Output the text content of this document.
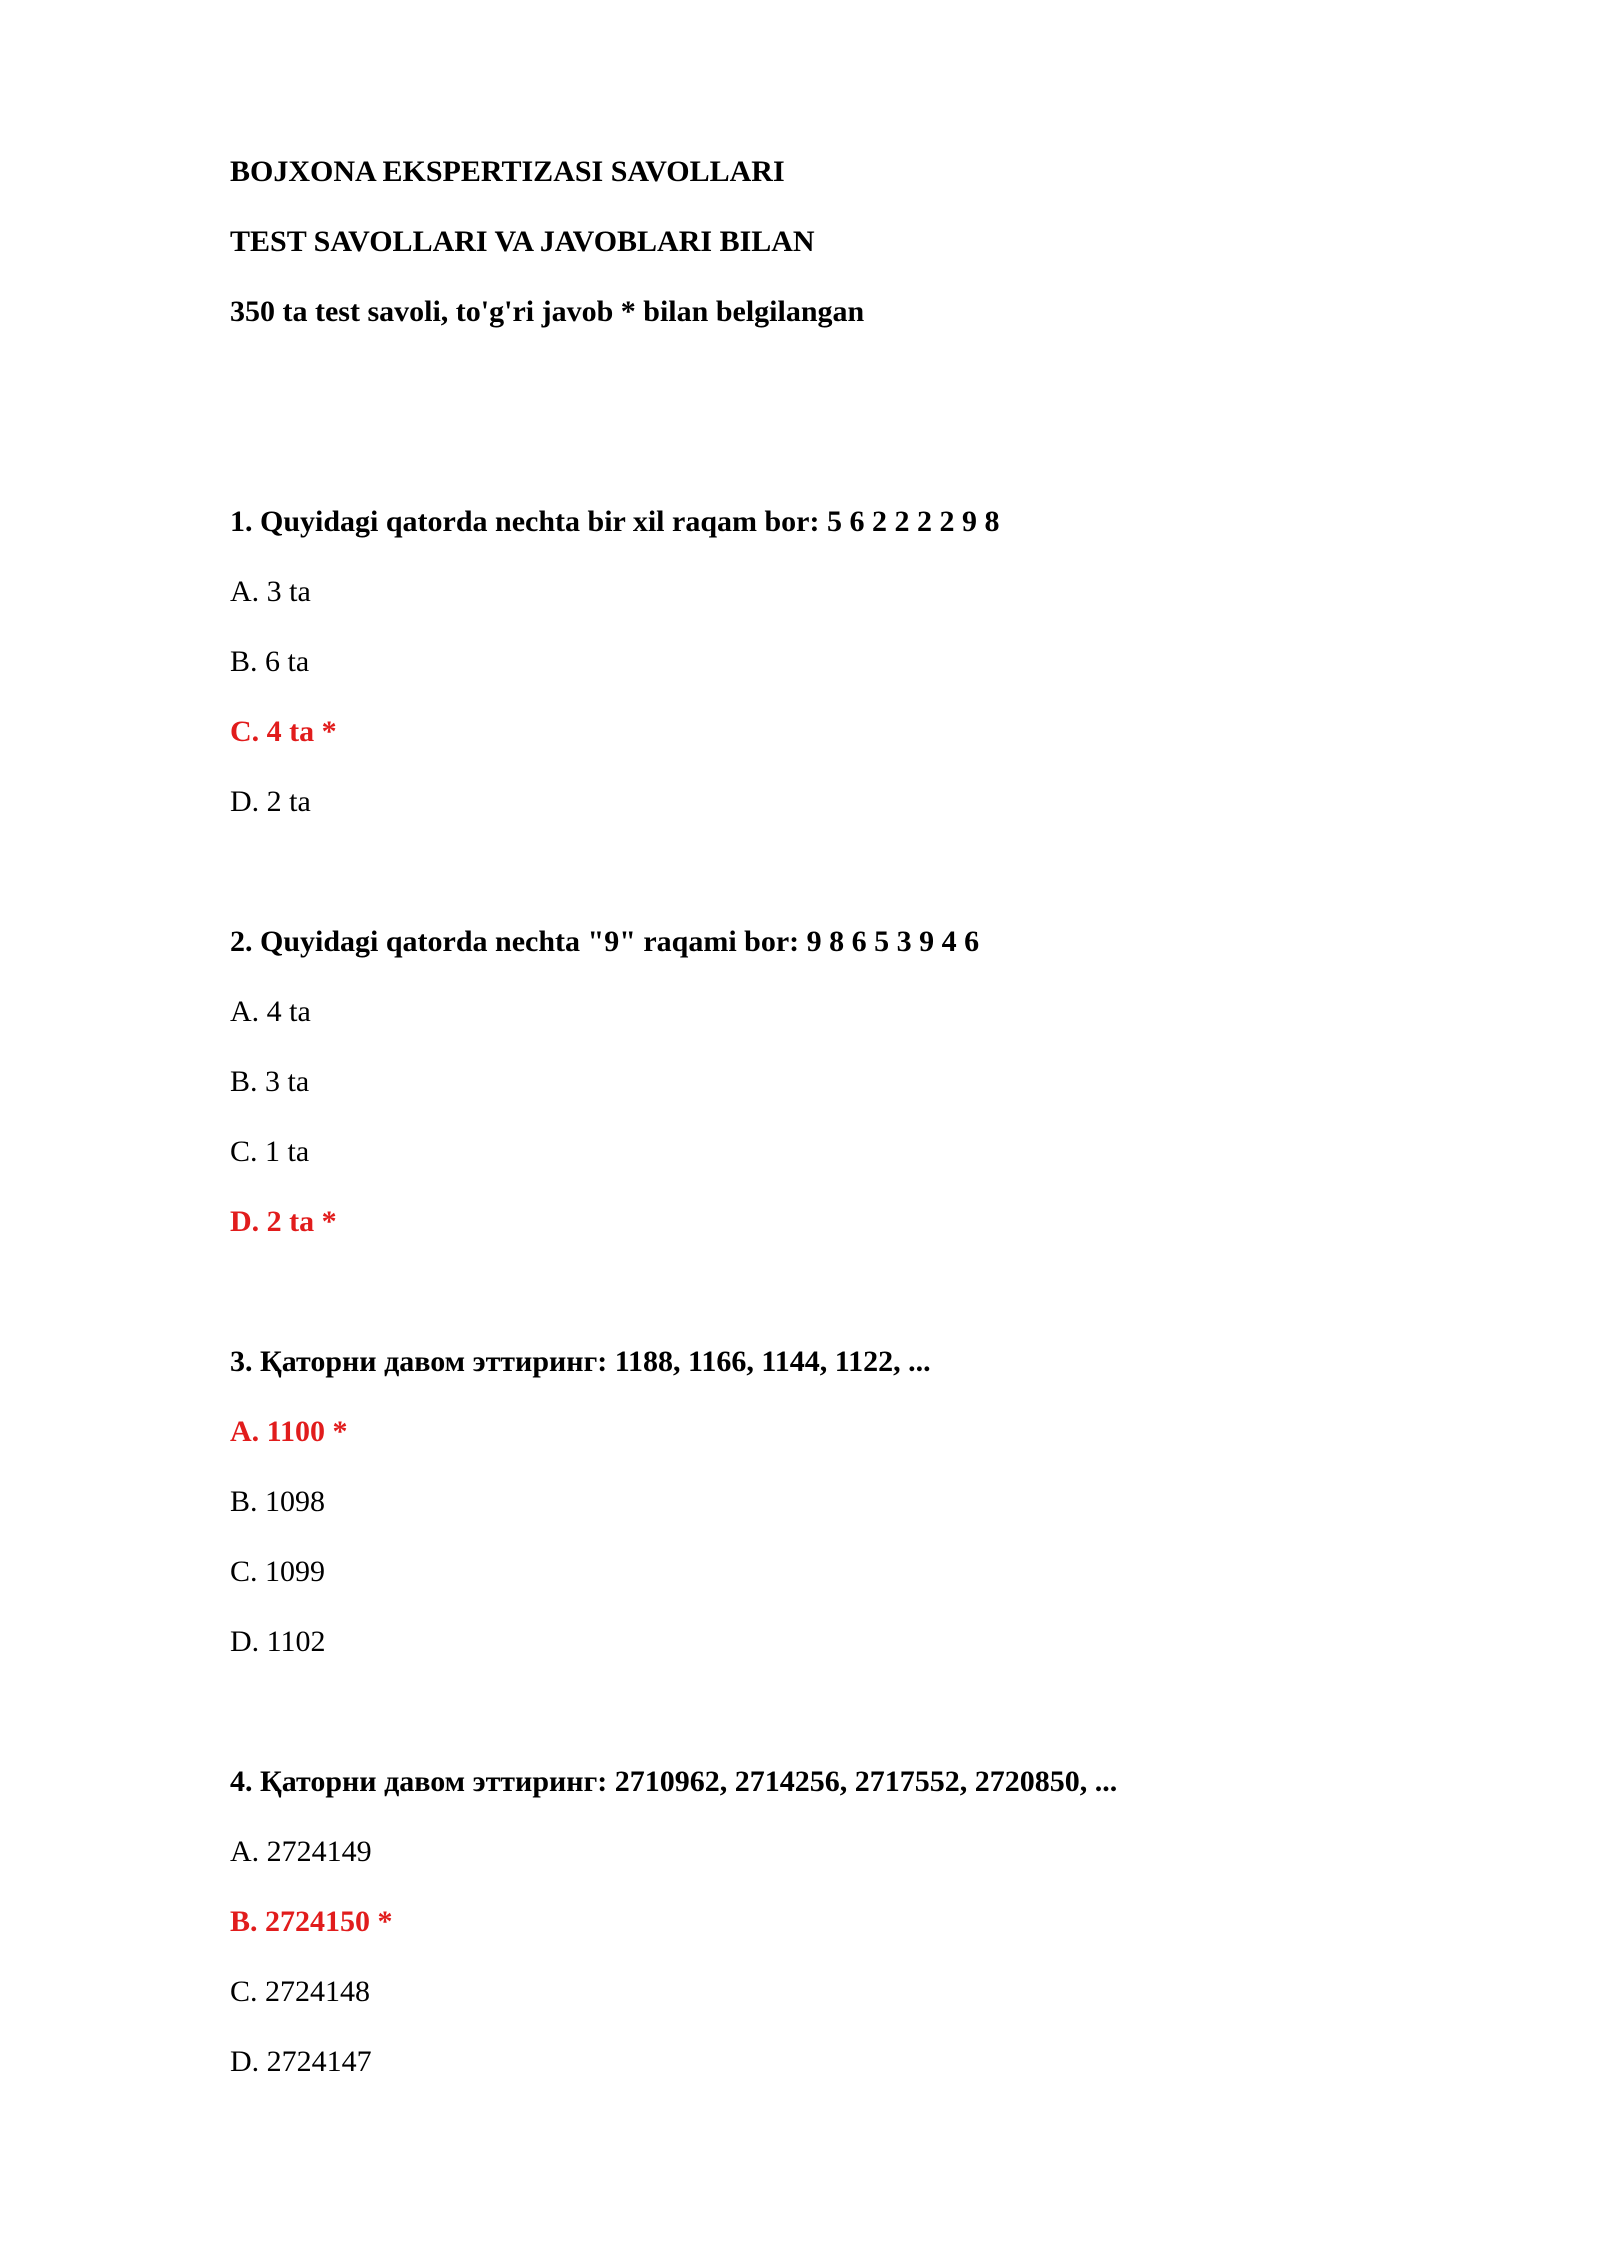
BOJXONA EKSPERTIZASI SAVOLLARI
TEST SAVOLLARI VA JAVOBLARI BILAN
350 ta test savoli, to'g'ri javob * bilan belgilangan
1. Quyidagi qatorda nechta bir xil raqam bor: 5 6 2 2 2 2 9 8
A. 3 ta
B. 6 ta
C. 4 ta *
D. 2 ta
2. Quyidagi qatorda nechta "9" raqami bor: 9 8 6 5 3 9 4 6
A. 4 ta
B. 3 ta
C. 1 ta
D. 2 ta *
3. Қаторни давом эттиринг: 1188, 1166, 1144, 1122, ...
A. 1100 *
B. 1098
C. 1099
D. 1102
4. Қаторни давом эттиринг: 2710962, 2714256, 2717552, 2720850, ...
A. 2724149
B. 2724150 *
C. 2724148
D. 2724147
